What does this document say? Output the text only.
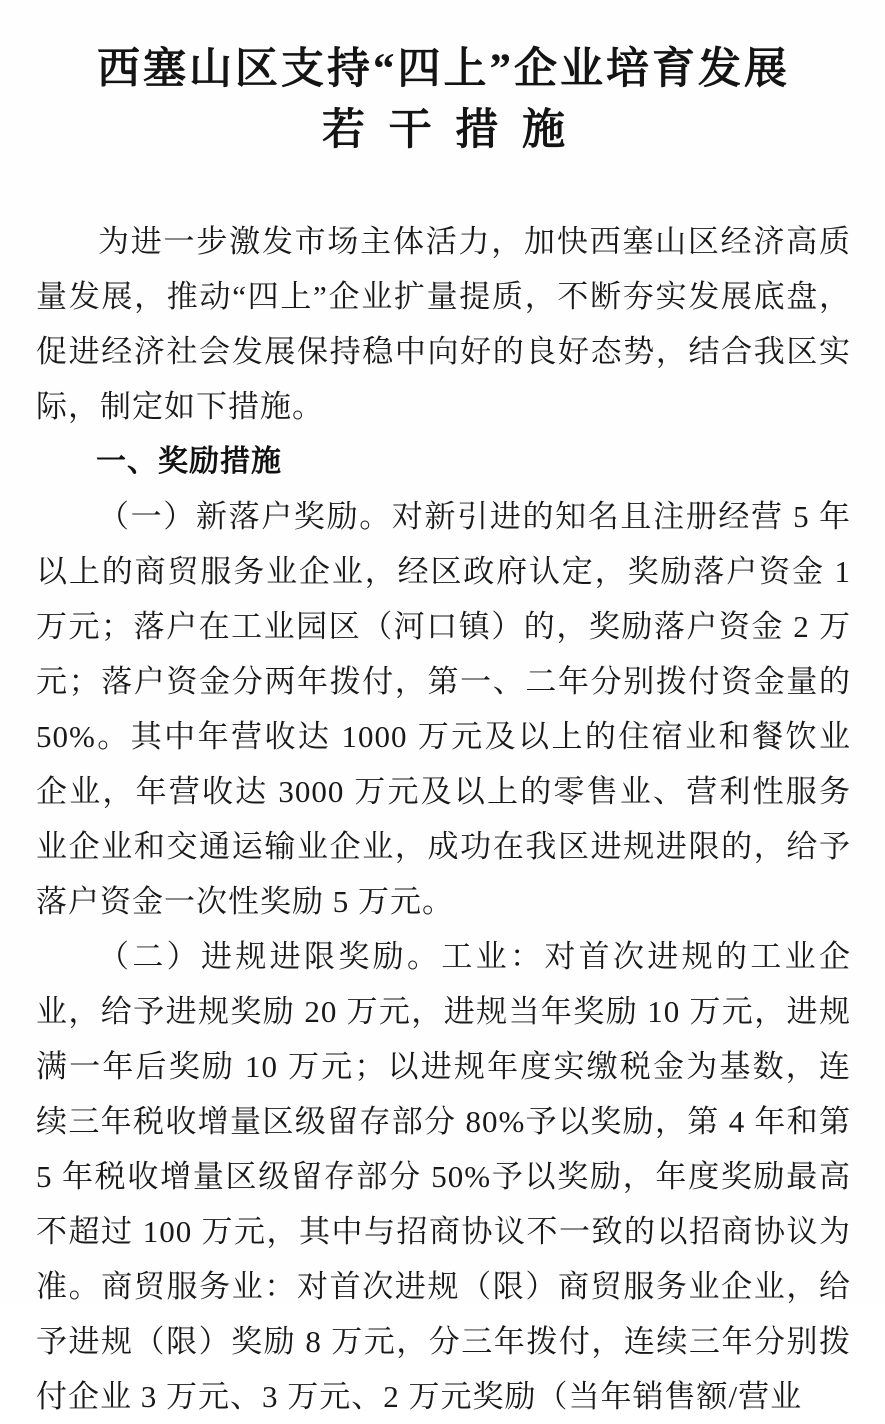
西塞山区支持“四上”企业培育发展
若干措施

为进一步激发市场主体活力，加快西塞山区经济高质量发展，推动“四上”企业扩量提质，不断夯实发展底盘，促进经济社会发展保持稳中向好的良好态势，结合我区实际，制定如下措施。

一、奖励措施

（一）新落户奖励。对新引进的知名且注册经营 5 年以上的商贸服务业企业，经区政府认定，奖励落户资金 1 万元；落户在工业园区（河口镇）的，奖励落户资金 2 万元；落户资金分两年拨付，第一、二年分别拨付资金量的 50%。其中年营收达 1000 万元及以上的住宿业和餐饮业企业，年营收达 3000 万元及以上的零售业、营利性服务业企业和交通运输业企业，成功在我区进规进限的，给予落户资金一次性奖励 5 万元。

（二）进规进限奖励。工业：对首次进规的工业企业，给予进规奖励 20 万元，进规当年奖励 10 万元，进规满一年后奖励 10 万元；以进规年度实缴税金为基数，连续三年税收增量区级留存部分 80%予以奖励，第 4 年和第 5 年税收增量区级留存部分 50%予以奖励，年度奖励最高不超过 100 万元，其中与招商协议不一致的以招商协议为准。商贸服务业：对首次进规（限）商贸服务业企业，给予进规（限）奖励 8 万元，分三年拨付，连续三年分别拨付企业 3 万元、3 万元、2 万元奖励（当年销售额/营业
